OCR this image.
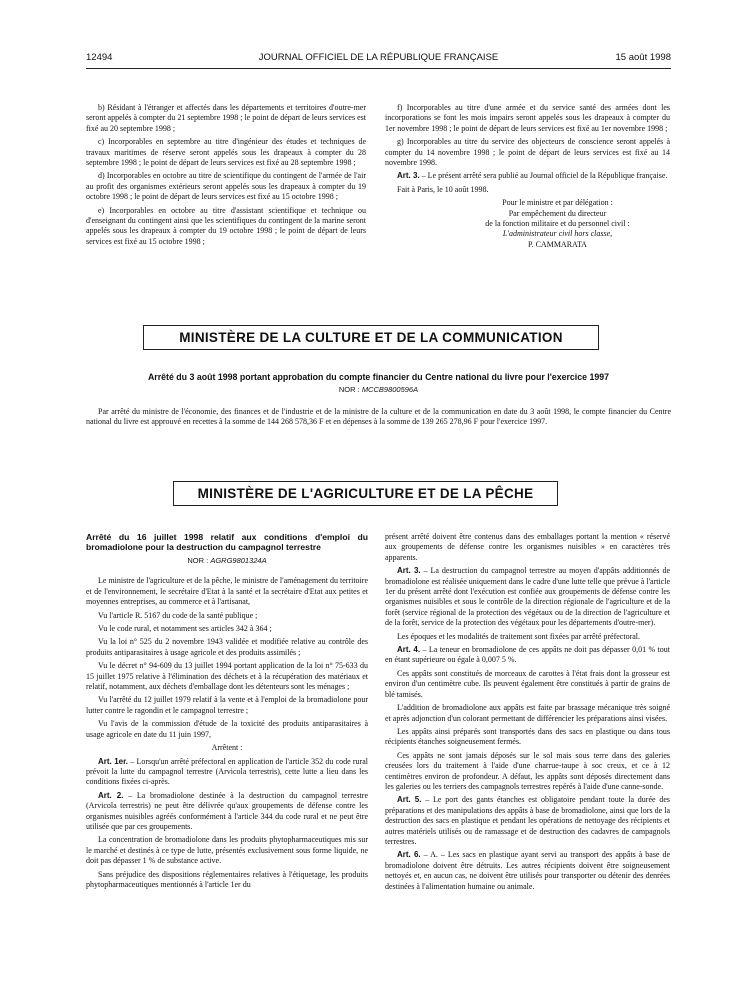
12494	JOURNAL OFFICIEL DE LA RÉPUBLIQUE FRANÇAISE	15 août 1998

b) Résidant à l'étranger et affectés dans les départements et territoires d'outre-mer seront appelés à compter du 21 septembre 1998 ; le point de départ de leurs services est fixé au 20 septembre 1998 ;

c) Incorporables en septembre au titre d'ingénieur des études et techniques de travaux maritimes de réserve seront appelés sous les drapeaux à compter du 28 septembre 1998 ; le point de départ de leurs services est fixé au 28 septembre 1998 ;

d) Incorporables en octobre au titre de scientifique du contingent de l'armée de l'air au profit des organismes extérieurs seront appelés sous les drapeaux à compter du 19 octobre 1998 ; le point de départ de leurs services est fixé au 15 octobre 1998 ;

e) Incorporables en octobre au titre d'assistant scientifique et technique ou d'enseignant du contingent ainsi que les scientifiques du contingent de la marine seront appelés sous les drapeaux à compter du 19 octobre 1998 ; le point de départ de leurs services est fixé au 15 octobre 1998 ;

f) Incorporables au titre d'une armée et du service santé des armées dont les incorporations se font les mois impairs seront appelés sous les drapeaux à compter du 1er novembre 1998 ; le point de départ de leurs services est fixé au 1er novembre 1998 ;

g) Incorporables au titre du service des objecteurs de conscience seront appelés à compter du 14 novembre 1998 ; le point de départ de leurs services est fixé au 14 novembre 1998.

Art. 3. – Le présent arrêté sera publié au Journal officiel de la République française.

Fait à Paris, le 10 août 1998.

Pour le ministre et par délégation :

Par empêchement du directeur

de la fonction militaire et du personnel civil :

L'administrateur civil hors classe,

P. CAMMARATA

MINISTÈRE DE LA CULTURE ET DE LA COMMUNICATION
Arrêté du 3 août 1998 portant approbation du compte financier du Centre national du livre pour l'exercice 1997
NOR : MCCB9800596A
Par arrêté du ministre de l'économie, des finances et de l'industrie et de la ministre de la culture et de la communication en date du 3 août 1998, le compte financier du Centre national du livre est approuvé en recettes à la somme de 144 268 578,36 F et en dépenses à la somme de 139 265 278,96 F pour l'exercice 1997.
MINISTÈRE DE L'AGRICULTURE ET DE LA PÊCHE
Arrêté du 16 juillet 1998 relatif aux conditions d'emploi du bromadiolone pour la destruction du campagnol terrestre
NOR : AGRG9801324A

Le ministre de l'agriculture et de la pêche, le ministre de l'aménagement du territoire et de l'environnement, le secrétaire d'Etat à la santé et la secrétaire d'Etat aux petites et moyennes entreprises, au commerce et à l'artisanat,

Vu l'article R. 5167 du code de la santé publique ;

Vu le code rural, et notamment ses articles 342 à 364 ;

Vu la loi n° 525 du 2 novembre 1943 validée et modifiée relative au contrôle des produits antiparasitaires à usage agricole et des produits assimilés ;

Vu le décret n° 94-609 du 13 juillet 1994 portant application de la loi n° 75-633 du 15 juillet 1975 relative à l'élimination des déchets et à la récupération des matériaux et relatif, notamment, aux déchets d'emballage dont les détenteurs sont les ménages ;

Vu l'arrêté du 12 juillet 1979 relatif à la vente et à l'emploi de la bromadiolone pour lutter contre le ragondin et le campagnol terrestre ;

Vu l'avis de la commission d'étude de la toxicité des produits antiparasitaires à usage agricole en date du 11 juin 1997,

Arrêtent :

Art. 1er. – Lorsqu'un arrêté préfectoral en application de l'article 352 du code rural prévoit la lutte du campagnol terrestre (Arvicola terrestris), cette lutte a lieu dans les conditions fixées ci-après.

Art. 2. – La bromadiolone destinée à la destruction du campagnol terrestre (Arvicola terrestris) ne peut être délivrée qu'aux groupements de défense contre les organismes nuisibles agréés conformément à l'article 344 du code rural et ne peut être utilisée que par ces groupements.

La concentration de bromadiolone dans les produits phytopharmaceutiques mis sur le marché et destinés à ce type de lutte, présentés exclusivement sous forme liquide, ne doit pas dépasser 1 % de substance active.

Sans préjudice des dispositions réglementaires relatives à l'étiquetage, les produits phytopharmaceutiques mentionnés à l'article 1er du

présent arrêté doivent être contenus dans des emballages portant la mention « réservé aux groupements de défense contre les organismes nuisibles » en caractères très apparents.

Art. 3. – La destruction du campagnol terrestre au moyen d'appâts additionnés de bromadiolone est réalisée uniquement dans le cadre d'une lutte telle que prévue à l'article 1er du présent arrêté dont l'exécution est confiée aux groupements de défense contre les organismes nuisibles et sous le contrôle de la direction régionale de l'agriculture et de la forêt (service régional de la protection des végétaux ou de la direction de l'agriculture et de la forêt, service de la protection des végétaux pour les départements d'outre-mer).

Les époques et les modalités de traitement sont fixées par arrêté préfectoral.

Art. 4. – La teneur en bromadiolone de ces appâts ne doit pas dépasser 0,01 % tout en étant supérieure ou égale à 0,007 5 %.

Ces appâts sont constitués de morceaux de carottes à l'état frais dont la grosseur est environ d'un centimètre cube. Ils peuvent également être constitués à partir de grains de blé tamisés.

L'addition de bromadiolone aux appâts est faite par brassage mécanique très soigné et après adjonction d'un colorant permettant de différencier les préparations ainsi visées.

Les appâts ainsi préparés sont transportés dans des sacs en plastique ou dans tous récipients étanches soigneusement fermés.

Ces appâts ne sont jamais déposés sur le sol mais sous terre dans des galeries creusées lors du traitement à l'aide d'une charrue-taupe à soc creux, et ce à 12 centimètres environ de profondeur. A défaut, les appâts sont déposés directement dans les galeries ou les terriers des campagnols terrestres repérés à l'aide d'une canne-sonde.

Art. 5. – Le port des gants étanches est obligatoire pendant toute la durée des préparations et des manipulations des appâts à base de bromadiolone, ainsi que lors de la destruction des sacs en plastique et pendant les opérations de nettoyage des récipients et autres matériels utilisés ou de ramassage et de destruction des cadavres de campagnols terrestres.

Art. 6. – A. – Les sacs en plastique ayant servi au transport des appâts à base de bromadiolone doivent être détruits. Les autres récipients doivent être soigneusement nettoyés et, en aucun cas, ne doivent être utilisés pour transporter ou détenir des denrées destinées à l'alimentation humaine ou animale.
